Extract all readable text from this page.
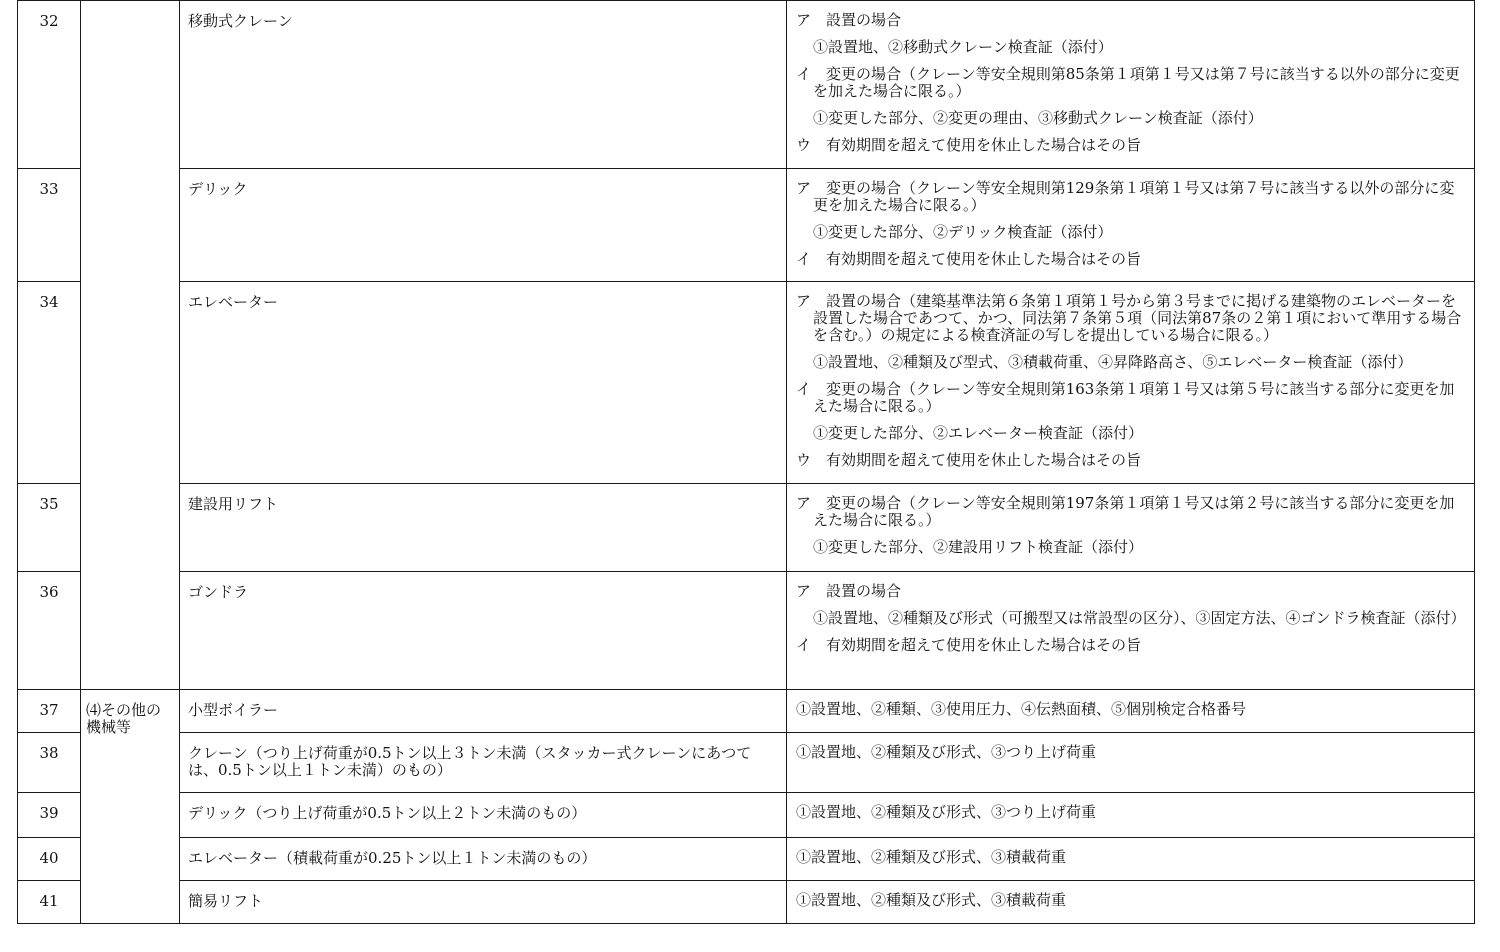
32		移動式クレーン	ア　設置の場合
①設置地、②移動式クレーン検査証（添付）
イ　変更の場合（クレーン等安全規則第85条第１項第１号又は第７号に該当する以外の部分に変更を加えた場合に限る。）
①変更した部分、②変更の理由、③移動式クレーン検査証（添付）
ウ　有効期間を超えて使用を休止した場合はその旨

33		デリック	ア　変更の場合（クレーン等安全規則第129条第１項第１号又は第７号に該当する以外の部分に変更を加えた場合に限る。）
①変更した部分、②デリック検査証（添付）
イ　有効期間を超えて使用を休止した場合はその旨

34		エレベーター	ア　設置の場合（建築基準法第６条第１項第１号から第３号までに掲げる建築物のエレベーターを設置した場合であつて、かつ、同法第７条第５項（同法第87条の２第１項において準用する場合を含む。）の規定による検査済証の写しを提出している場合に限る。）
①設置地、②種類及び型式、③積載荷重、④昇降路高さ、⑤エレベーター検査証（添付）
イ　変更の場合（クレーン等安全規則第163条第１項第１号又は第５号に該当する部分に変更を加えた場合に限る。）
①変更した部分、②エレベーター検査証（添付）
ウ　有効期間を超えて使用を休止した場合はその旨

35		建設用リフト	ア　変更の場合（クレーン等安全規則第197条第１項第１号又は第２号に該当する部分に変更を加えた場合に限る。）
①変更した部分、②建設用リフト検査証（添付）

36		ゴンドラ	ア　設置の場合
①設置地、②種類及び形式（可搬型又は常設型の区分）、③固定方法、④ゴンドラ検査証（添付）
イ　有効期間を超えて使用を休止した場合はその旨

37	⑷その他の機械等	小型ボイラー	①設置地、②種類、③使用圧力、④伝熱面積、⑤個別検定合格番号

38		クレーン（つり上げ荷重が0.5トン以上３トン未満（スタッカー式クレーンにあつては、0.5トン以上１トン未満）のもの）	①設置地、②種類及び形式、③つり上げ荷重

39		デリック（つり上げ荷重が0.5トン以上２トン未満のもの）	①設置地、②種類及び形式、③つり上げ荷重

40		エレベーター（積載荷重が0.25トン以上１トン未満のもの）	①設置地、②種類及び形式、③積載荷重

41		簡易リフト	①設置地、②種類及び形式、③積載荷重
